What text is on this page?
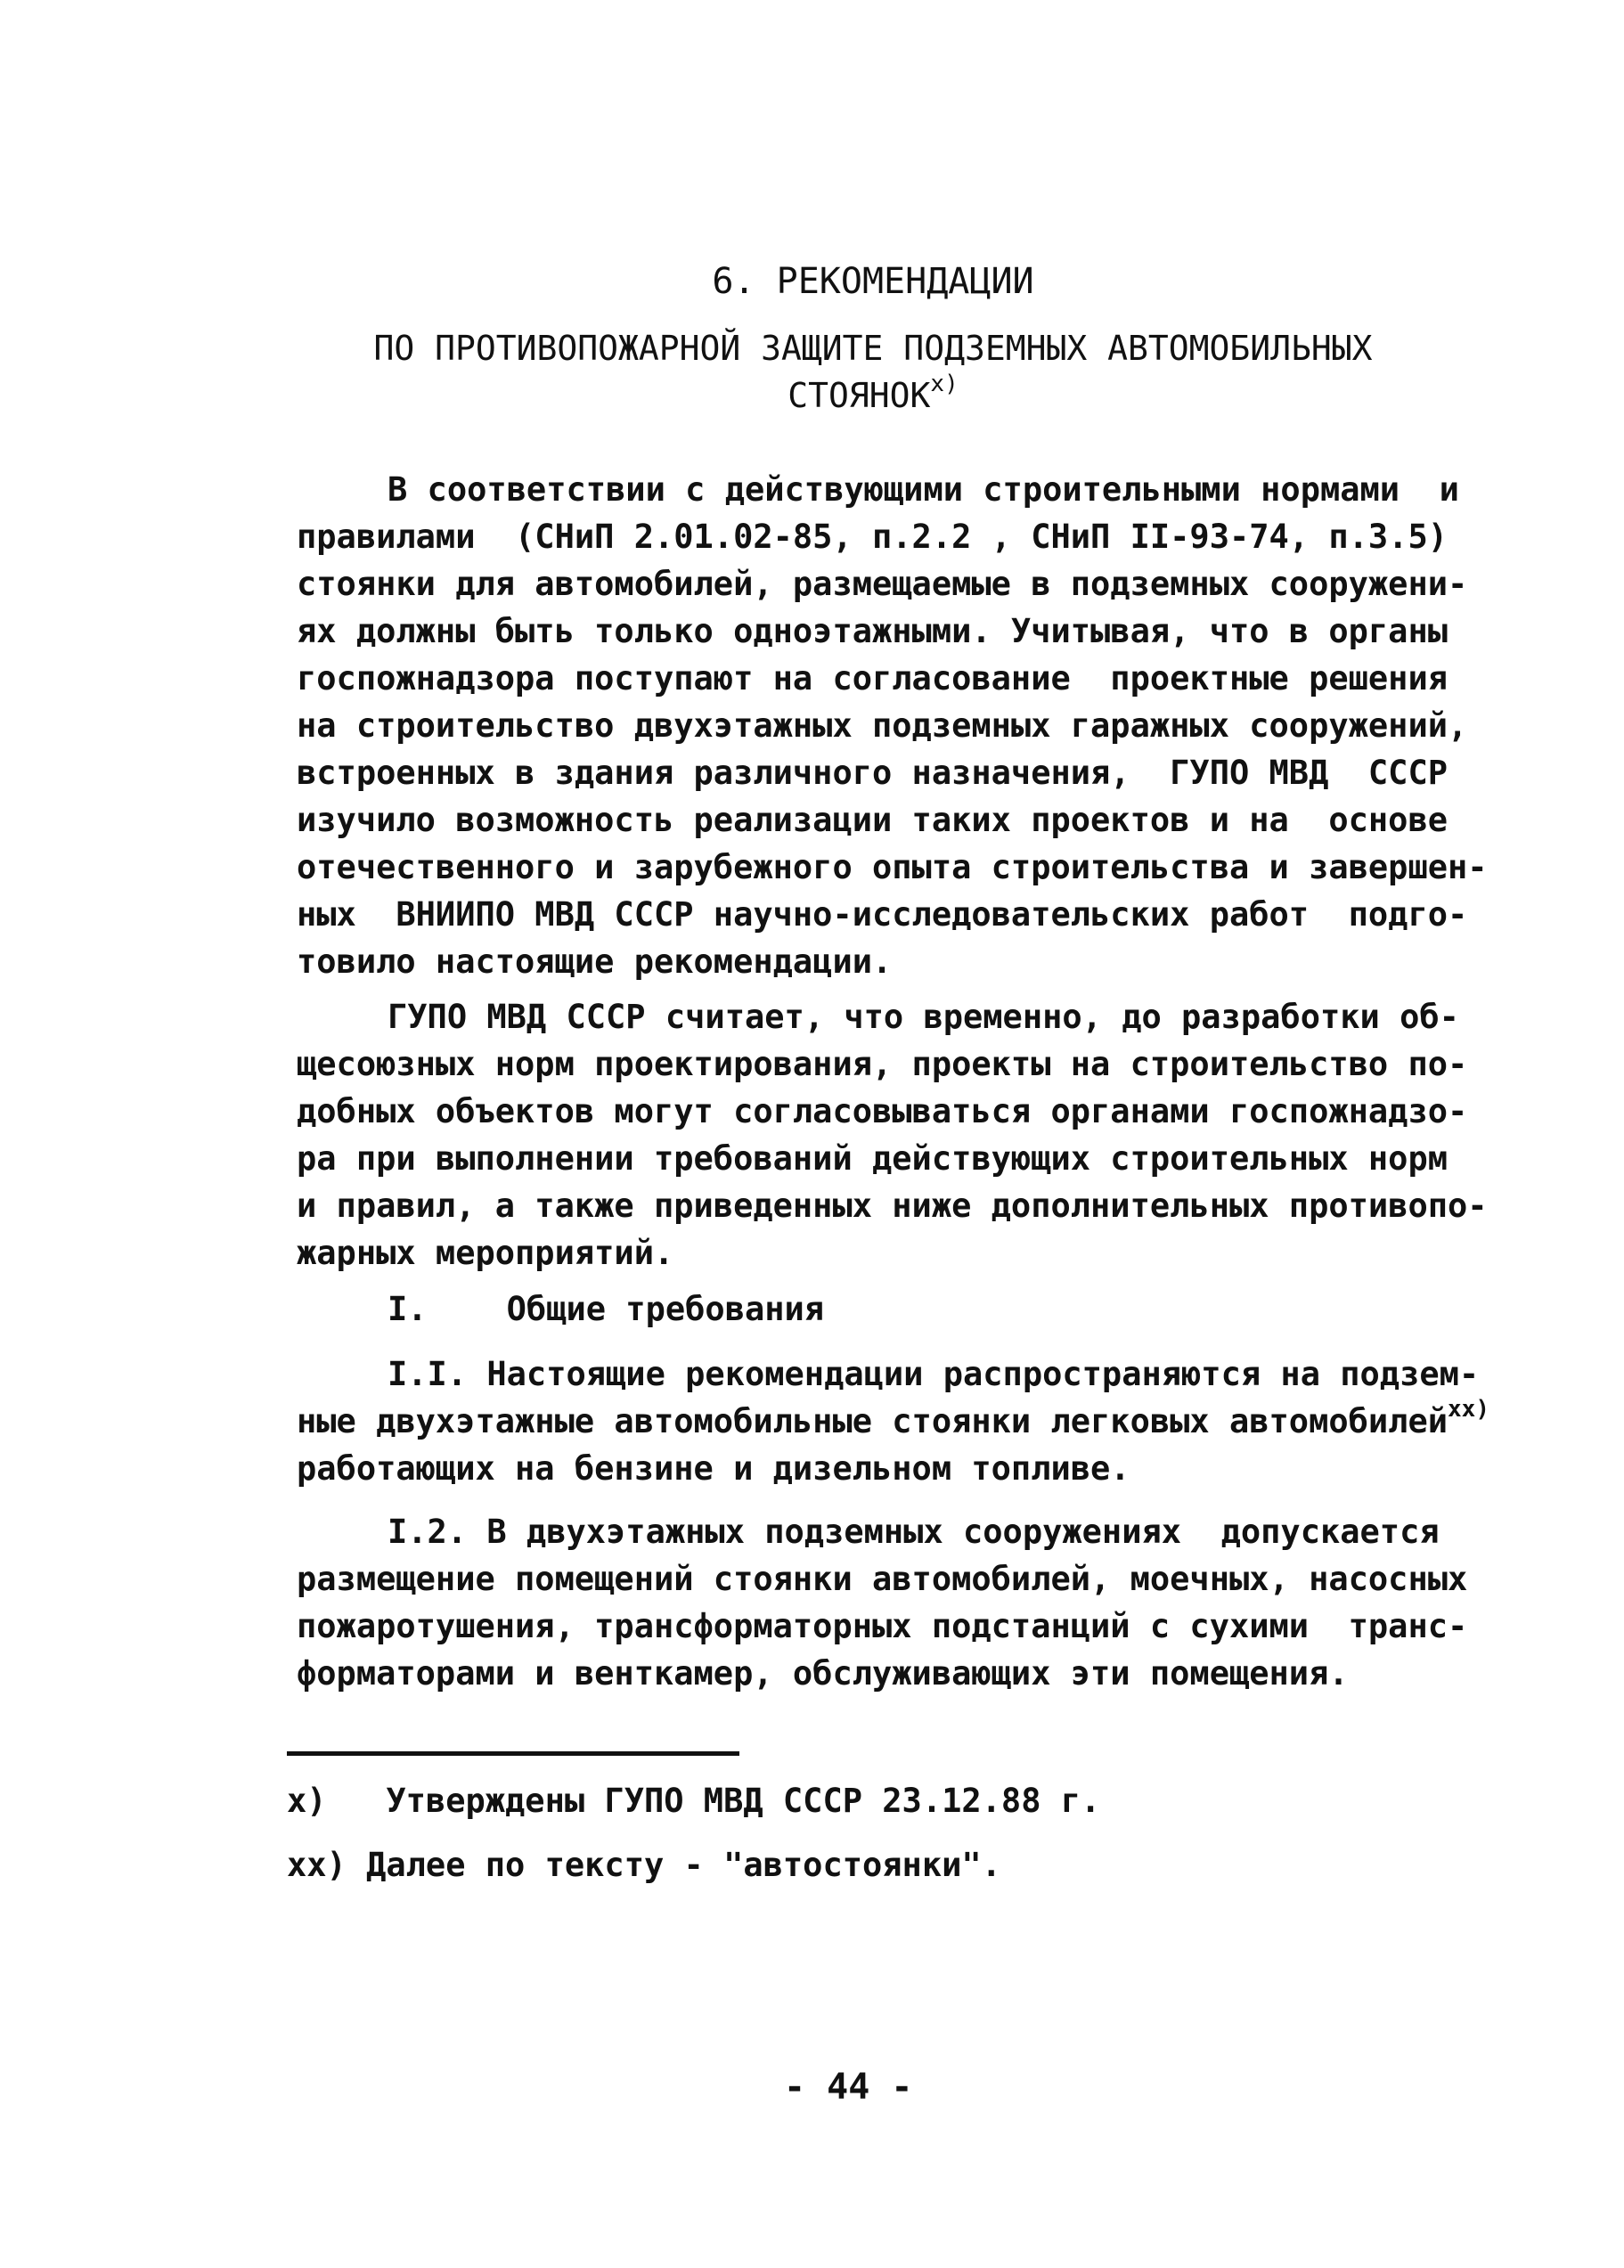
6. РЕКОМЕНДАЦИИ
ПО ПРОТИВОПОЖАРНОЙ ЗАЩИТЕ ПОДЗЕМНЫХ АВТОМОБИЛЬНЫХ
$СТОЯНОК^{х)}$
В соответствии с действующими строительными нормами  и
правилами  (СНиП 2.01.02-85, п.2.2 , СНиП II-93-74, п.3.5)
стоянки для автомобилей, размещаемые в подземных сооружени-
ях должны быть только одноэтажными. Учитывая, что в органы
госпожнадзора поступают на согласование  проектные решения
на строительство двухэтажных подземных гаражных сооружений,
встроенных в здания различного назначения,  ГУПО МВД  СССР
изучило возможность реализации таких проектов и на  основе
отечественного и зарубежного опыта строительства и завершен-
ных  ВНИИПО МВД СССР научно-исследовательских работ  подго-
товило настоящие рекомендации.
ГУПО МВД СССР считает, что временно, до разработки об-
щесоюзных норм проектирования, проекты на строительство по-
добных объектов могут согласовываться органами госпожнадзо-
ра при выполнении требований действующих строительных норм
и правил, а также приведенных ниже дополнительных противопо-
жарных мероприятий.
I.    Общие требования
I.I. Настоящие рекомендации распространяются на подзем-
ные двухэтажные автомобильные стоянки легковых автомобилей$^{хх)}$
работающих на бензине и дизельном топливе.
I.2. В двухэтажных подземных сооружениях  допускается
размещение помещений стоянки автомобилей, моечных, насосных
пожаротушения, трансформаторных подстанций с сухими  транс-
форматорами и венткамер, обслуживающих эти помещения.
х)   Утверждены ГУПО МВД СССР 23.12.88 г.
хх) Далее по тексту - "автостоянки".
- 44 -
